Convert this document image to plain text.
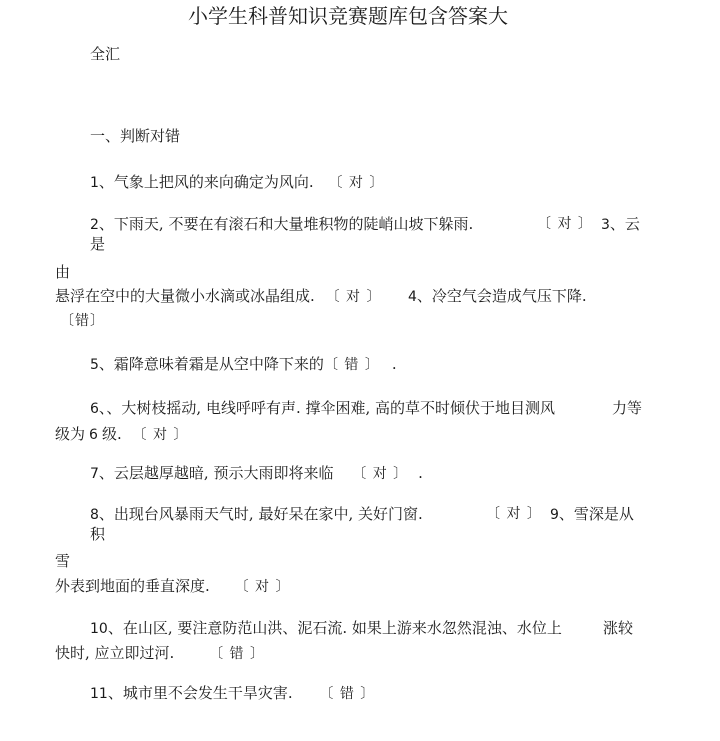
小学生科普知识竞赛题库包含答案大
全汇
一、判断对错
1、气象上把风的来向确定为风向. 〔 对 〕
2、下雨天, 不要在有滚石和大量堆积物的陡峭山坡下躲雨.	〔 对 〕 3、云
是
由
悬浮在空中的大量微小水滴或冰晶组成. 〔 对 〕 4、冷空气会造成气压下降.
〔错〕
5、霜降意味着霜是从空中降下来的〔 错 〕 .
6、、大树枝摇动, 电线呼呼有声. 撑伞困难, 高的草不时倾伏于地目测风	力等
级为 6 级. 〔 对 〕
7、云层越厚越暗, 预示大雨即将来临 〔 对 〕 .
8、出现台风暴雨天气时, 最好呆在家中, 关好门窗.	〔 对 〕 9、雪深是从
积
雪
外表到地面的垂直深度. 〔 对 〕
10、在山区, 要注意防范山洪、泥石流. 如果上游来水忽然混浊、水位上	涨较
快时, 应立即过河. 〔 错 〕
11、城市里不会发生干旱灾害. 〔 错 〕
